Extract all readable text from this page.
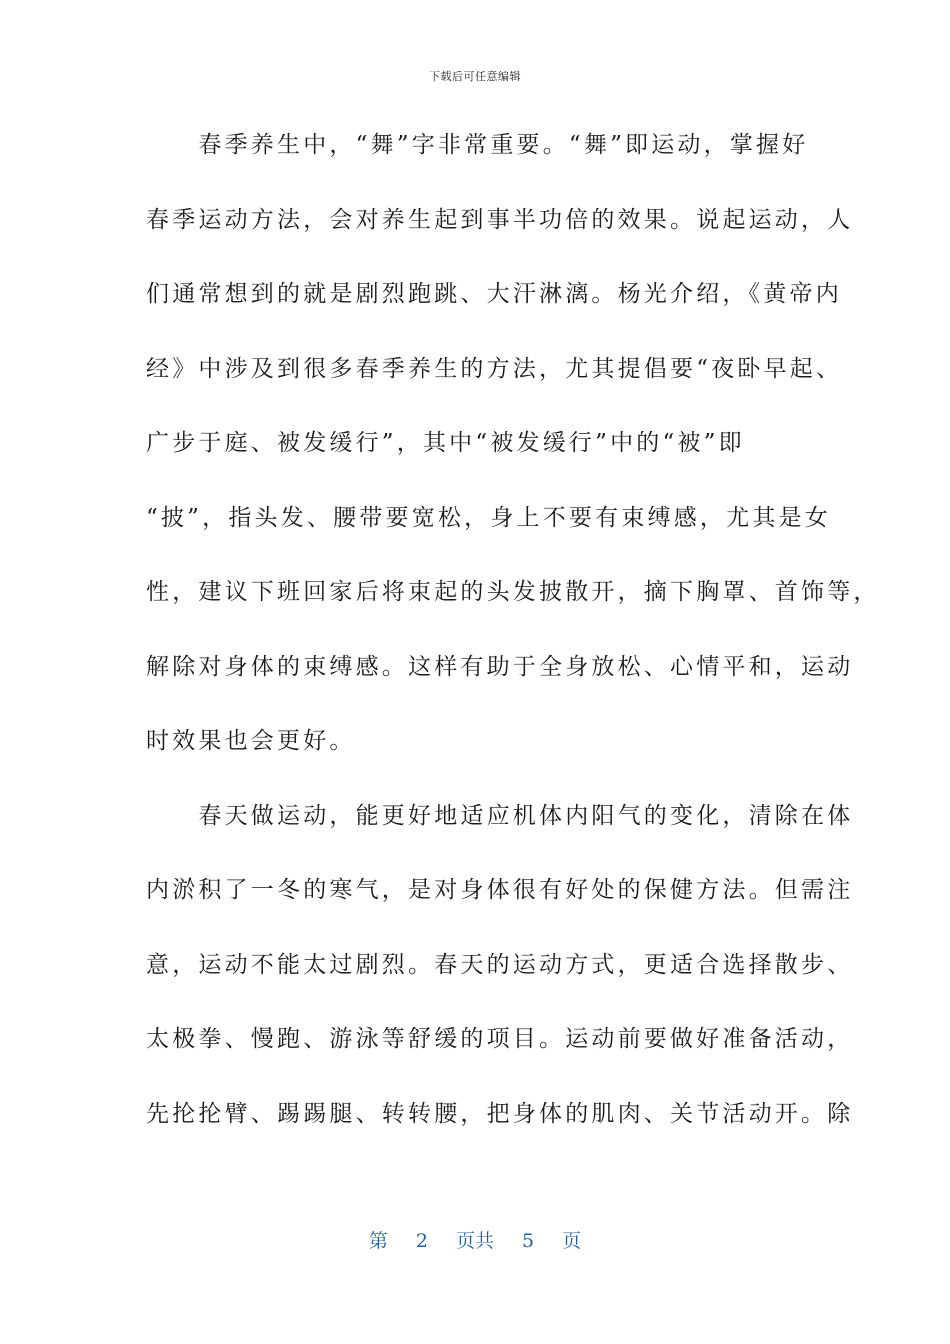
下载后可任意编辑
　　春季养生中，“舞”字非常重要。“舞”即运动，掌握好
春季运动方法，会对养生起到事半功倍的效果。说起运动，人
们通常想到的就是剧烈跑跳、大汗淋漓。杨光介绍，《黄帝内
经》中涉及到很多春季养生的方法，尤其提倡要“夜卧早起、
广步于庭、被发缓行”，其中“被发缓行”中的“被”即
“披”，指头发、腰带要宽松，身上不要有束缚感，尤其是女
性，建议下班回家后将束起的头发披散开，摘下胸罩、首饰等，
解除对身体的束缚感。这样有助于全身放松、心情平和，运动
时效果也会更好。
　　春天做运动，能更好地适应机体内阳气的变化，清除在体
内淤积了一冬的寒气，是对身体很有好处的保健方法。但需注
意，运动不能太过剧烈。春天的运动方式，更适合选择散步、
太极拳、慢跑、游泳等舒缓的项目。运动前要做好准备活动，
先抡抡臂、踢踢腿、转转腰，把身体的肌肉、关节活动开。除
第 2 页共 5 页
